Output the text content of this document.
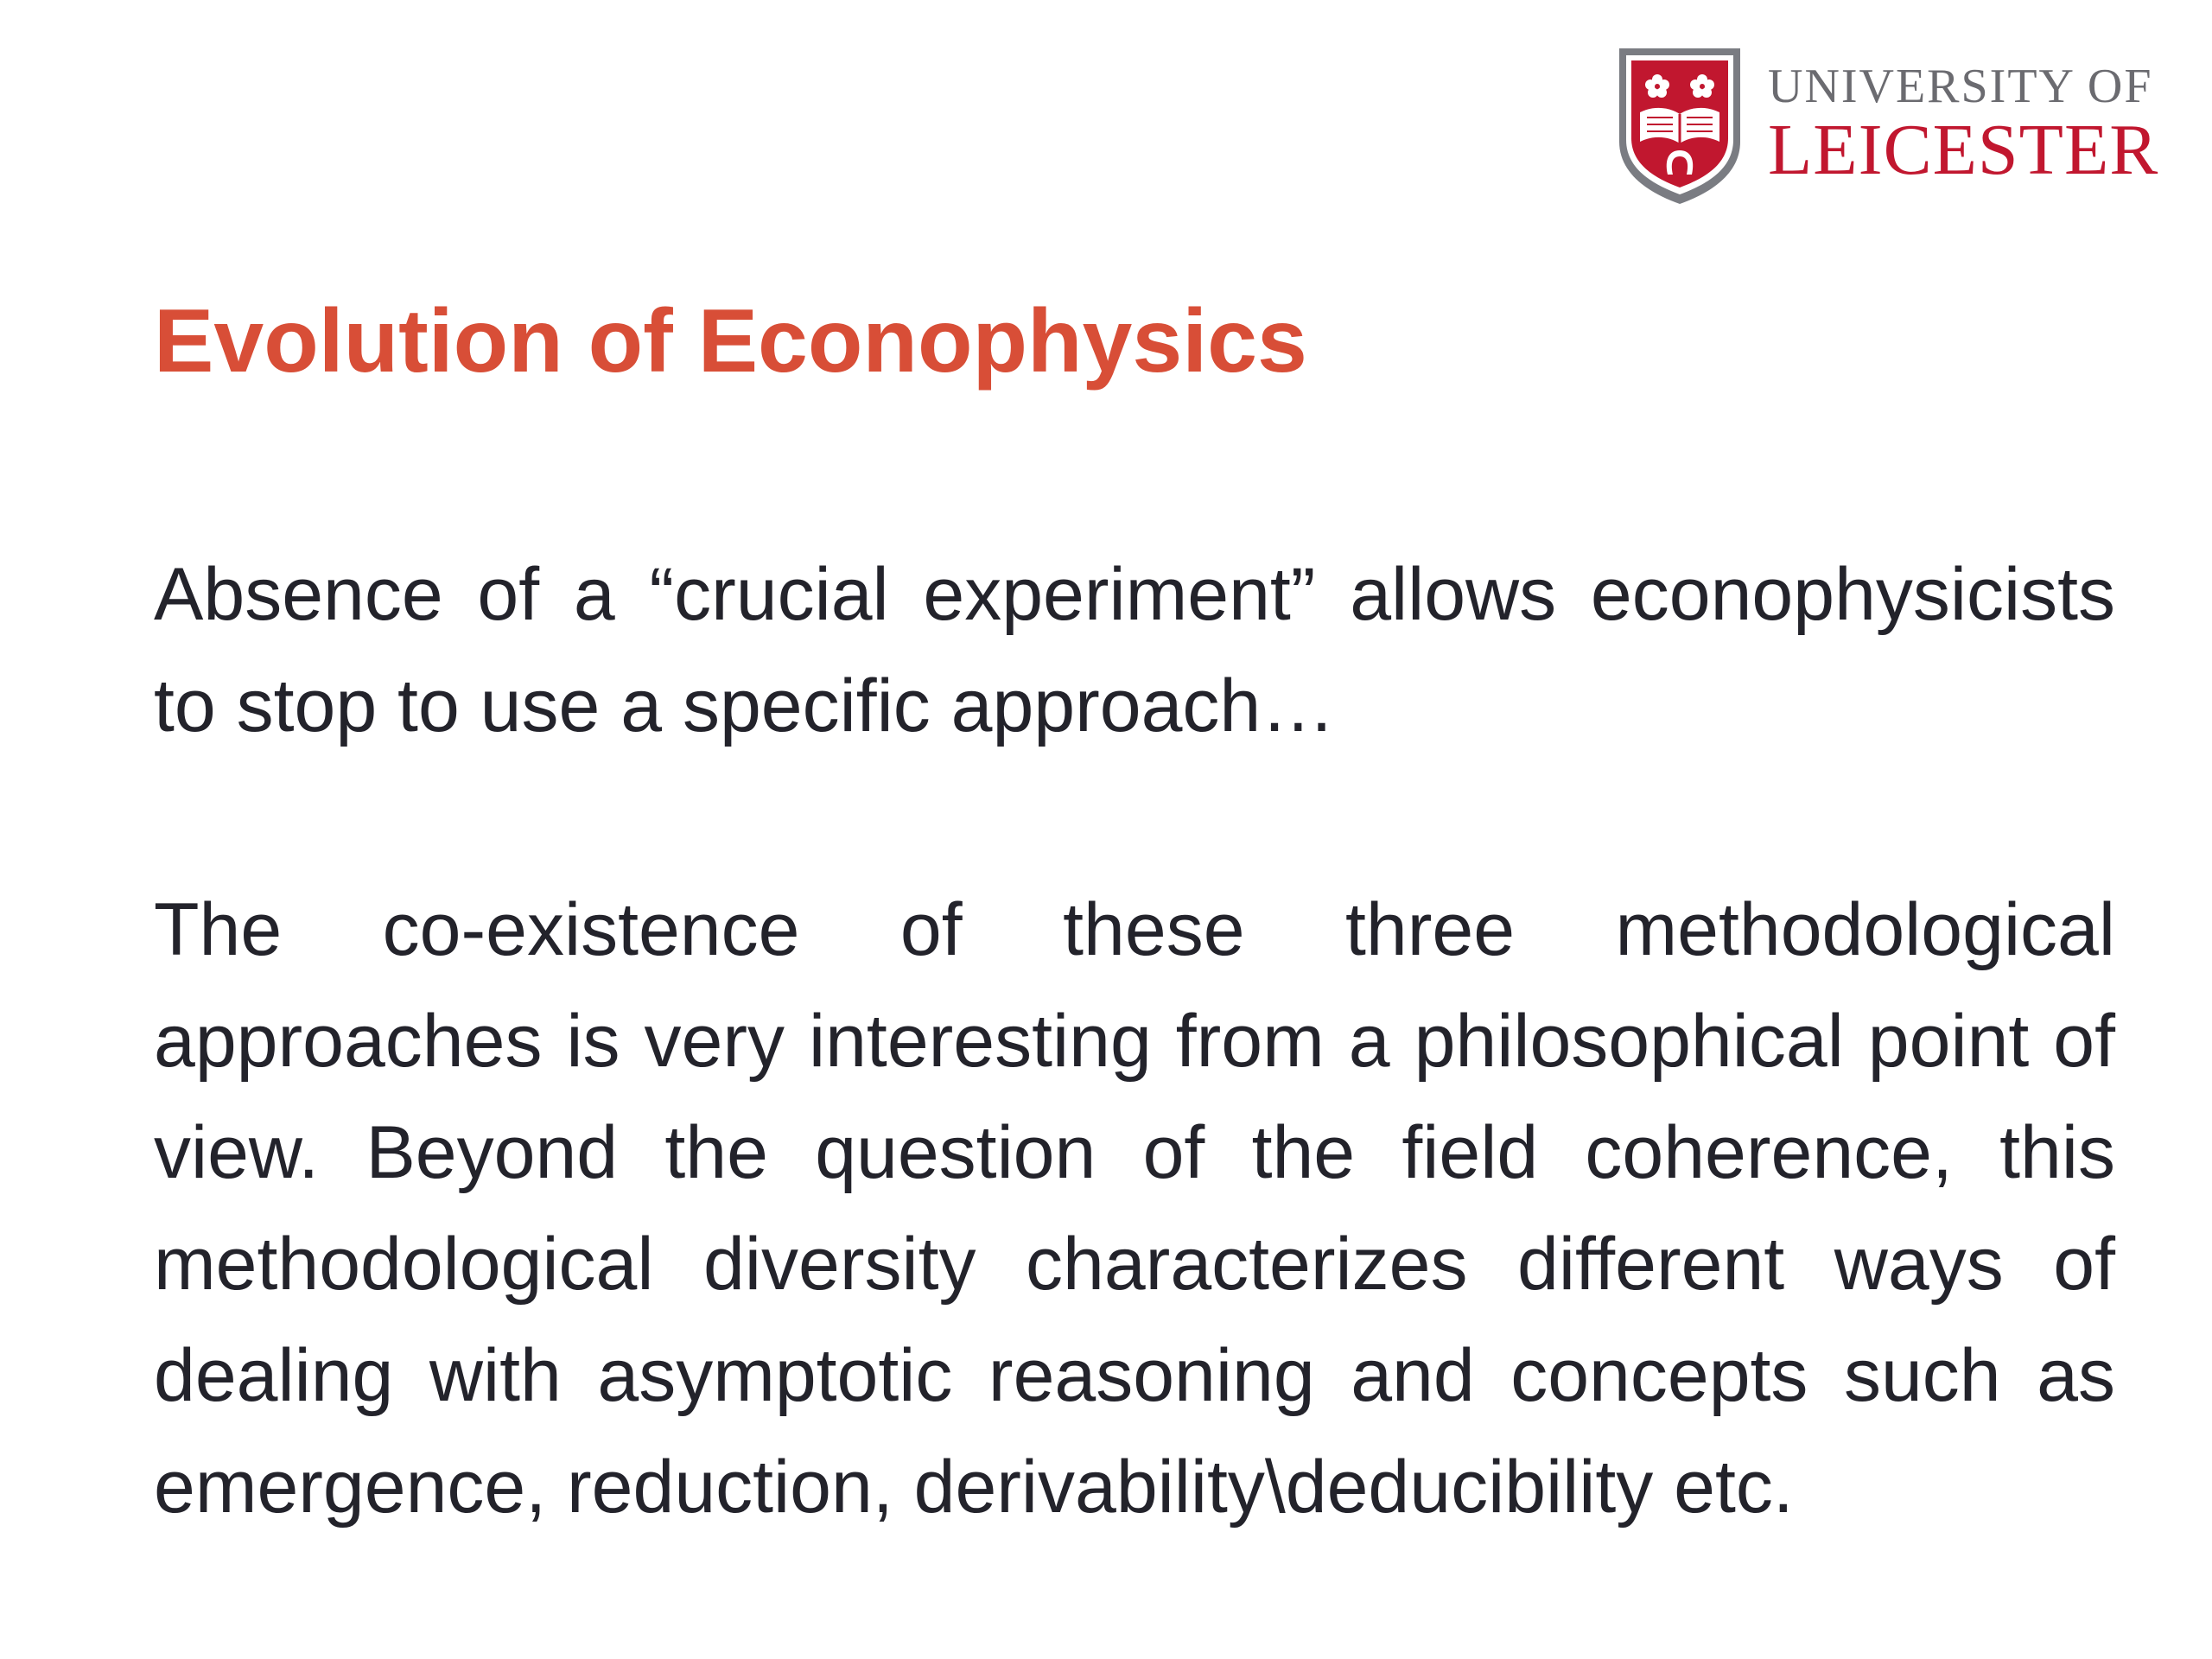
UNIVERSITY OF
LEICESTER
Evolution of Econophysics

Absence of a “crucial experiment” allows econophysicists to stop to use a specific approach…

The co-existence of these three methodological approaches is very interesting from a philosophical point of view. Beyond the question of the field coherence, this methodological diversity characterizes different ways of dealing with asymptotic reasoning and concepts such as emergence, reduction, derivability\deducibility etc.
